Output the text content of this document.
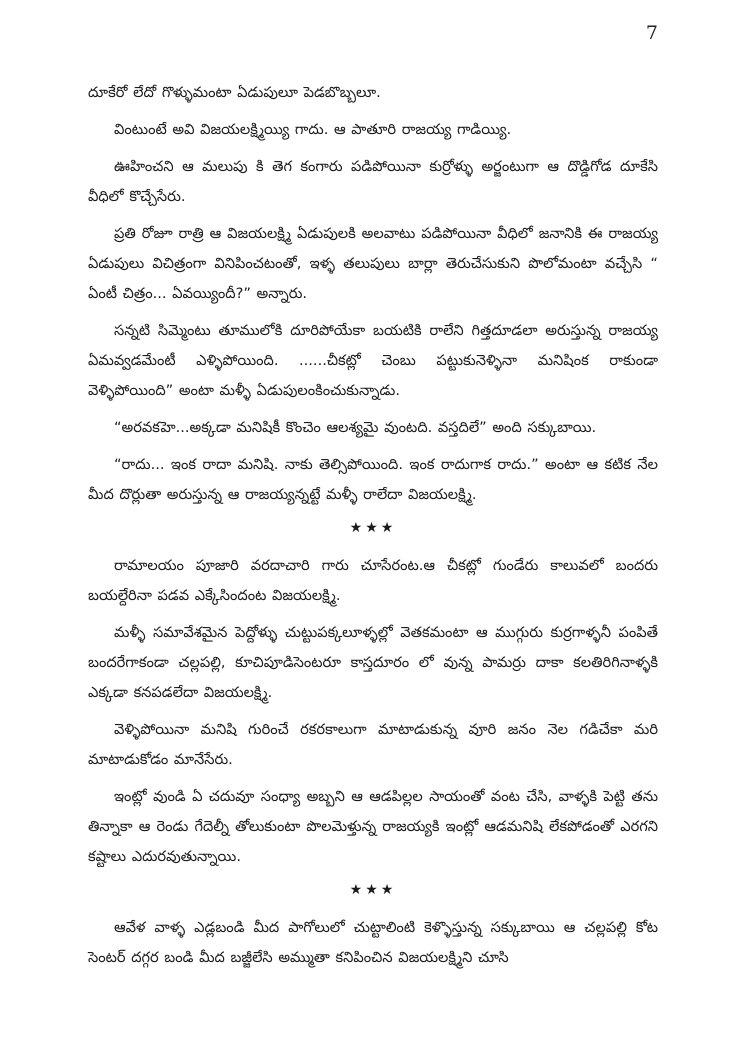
7

దూకేరో లేదో గొళ్ళుమంటా ఏడుపులూ పెడబొబ్బలూ.

వింటుంటే అవి విజయలక్ష్మియ్యి గాదు. ఆ పాతూరి రాజయ్య గాడియ్యి.

ఊహించని ఆ మలుపు కి తెగ కంగారు పడిపోయినా కుర్రోళ్ళు అర్జంటుగా ఆ దొడ్డిగోడ దూకేసి వీధిలో కొచ్చేసేరు.

ప్రతి రోజూ రాత్రి ఆ విజయలక్ష్మి ఏడుపులకి అలవాటు పడిపోయినా వీధిలో జనానికి ఈ రాజయ్య ఏడుపులు విచిత్రంగా వినిపించటంతో, ఇళ్ళ తలుపులు బార్లా తెరుచేసుకుని పొలోమంటా వచ్చేసి “ ఏంటీ చిత్రం... ఏవయ్యిందీ?” అన్నారు.

సన్నటి సిమ్మెంటు తూములోకి దూరిపోయేకా బయటికి రాలేని గిత్తదూడలా అరుస్తున్న రాజయ్య ఏమవ్వడమేంటీ ఎళ్ళిపోయింది. ......చీకట్లో చెంబు పట్టుకునెళ్ళినా మనిషింక రాకుండా వెళ్ళిపోయింది” అంటా మళ్ళీ ఏడుపులంకించుకున్నాడు.

“అరవకహె...అక్కడా మనిషికీ కొంచెం ఆలశ్యమై వుంటది. వస్తదిలే” అంది సక్కుబాయి.

“రాదు... ఇంక రాదా మనిషి. నాకు తెల్సిపోయింది. ఇంక రాదుగాక రాదు.” అంటా ఆ కటిక నేల మీద దొర్లుతా అరుస్తున్న ఆ రాజయ్యన్నట్టే మళ్ళీ రాలేదా విజయలక్ష్మి.

★★★

రామాలయం పూజారి వరదాచారి గారు చూసేరంట.ఆ చీకట్లో గుండేరు కాలువలో బందరు బయల్దేరినా పడవ ఎక్కేసిందంట విజయలక్ష్మి.

మళ్ళీ సమావేశమైన పెద్దోళ్ళు చుట్టుపక్కలూళ్ళల్లో వెతకమంటా ఆ ముగ్గురు కుర్రగాళ్ళనీ పంపితే బందరేగాకండా చల్లపల్లి, కూచిపూడిసెంటరూ కాస్తదూరం లో వున్న పామర్రు దాకా కలతిరిగినాళ్ళకి ఎక్కడా కనపడలేదా విజయలక్ష్మి.

వెళ్ళిపోయినా మనిషి గురించే రకరకాలుగా మాటాడుకున్న వూరి జనం నెల గడిచేకా మరి మాటాడుకోడం మానేసేరు.

ఇంట్లో వుండి ఏ చదువూ సంధ్యా అబ్బని ఆ ఆడపిల్లల సాయంతో వంట చేసి, వాళ్ళకి పెట్టి తను తిన్నాకా ఆ రెండు గేదెల్నీ తోలుకుంటా పొలమెళ్తున్న రాజయ్యకి ఇంట్లో ఆడమనిషి లేకపోడంతో ఎరగని కష్టాలు ఎదురవుతున్నాయి.

★★★

ఆవేళ వాళ్ళ ఎడ్లబండి మీద పాగోలులో చుట్టాలింటి కెళ్ళొస్తున్న సక్కుబాయి ఆ చల్లపల్లి కోట సెంటర్ దగ్గర బండి మీద బజ్జీలేసి అమ్ముతా కనిపించిన విజయలక్ష్మిని చూసి
